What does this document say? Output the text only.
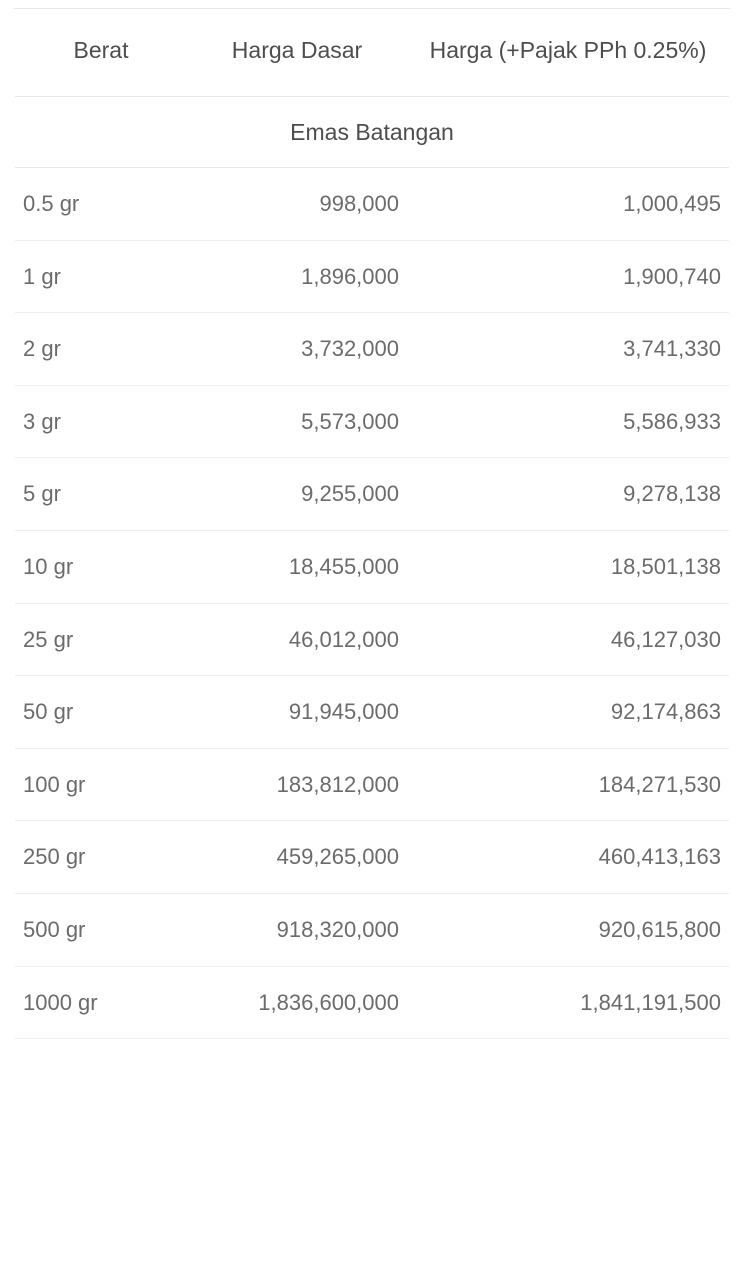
Berat	Harga Dasar	Harga (+Pajak PPh 0.25%)
Emas Batangan		
0.5 gr	998,000	1,000,495
1 gr	1,896,000	1,900,740
2 gr	3,732,000	3,741,330
3 gr	5,573,000	5,586,933
5 gr	9,255,000	9,278,138
10 gr	18,455,000	18,501,138
25 gr	46,012,000	46,127,030
50 gr	91,945,000	92,174,863
100 gr	183,812,000	184,271,530
250 gr	459,265,000	460,413,163
500 gr	918,320,000	920,615,800
1000 gr	1,836,600,000	1,841,191,500
